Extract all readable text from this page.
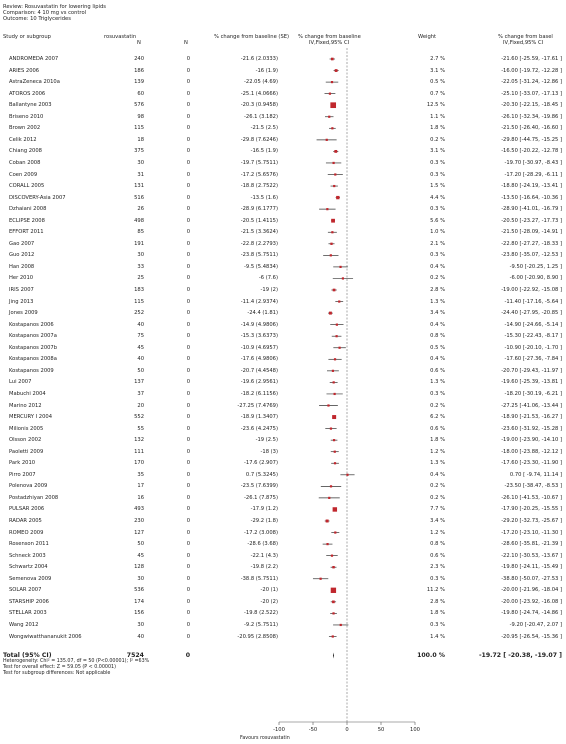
Review: Rosuvastatin for lowering lipids
Comparison: 4 10 mg vs control
Outcome: 10 Triglycerides
Study or subgroup	rosuvastatin
N	N
% change from baseline (SE) % change from baseline
IV,Fixed,95% CI
Weight	% change from basel
IV,Fixed,95% CI
ANDROMEDA 2007	240	0	-21.6 (2.0333)	2.7 %	-21.60 [-25.59, -17.61 ]
ARIES 2006	186	0	-16 (1.9)	3.1 %	-16.00 [-19.72, -12.28 ]
AstraZeneca 2010a	139	0	-22.05 (4.69)	0.5 %	-22.05 [-31.24, -12.86 ]
ATOROS 2006	60	0	-25.1 (4.0666)	0.7 %	-25.10 [-33.07, -17.13 ]
Ballantyne 2003	576	0	-20.3 (0.9458)	12.5 %	-20.30 [-22.15, -18.45 ]
Briseno 2010	98	0	-26.1 (3.182)	1.1 %	-26.10 [-32.34, -19.86 ]
Brown 2002	115	0	-21.5 (2.5)	1.8 %	-21.50 [-26.40, -16.60 ]
Celik 2012	18	0	-29.8 (7.6246)	0.2 %	-29.80 [-44.75, -15.25 ]
Chiang 2008	375	0	-16.5 (1.9)	3.1 %	-16.50 [-20.22, -12.78 ]
Coban 2008	30	0	-19.7 (5.7511)	0.3 %	-19.70 [-30.97, -8.43 ]
Coen 2009	31	0	-17.2 (5.6576)	0.3 %	-17.20 [-28.29, -6.11 ]
CORALL 2005	131	0	-18.8 (2.7522)	1.5 %	-18.80 [-24.19, -13.41 ]
DISCOVERY-Asia 2007	516	0	-13.5 (1.6)	4.4 %	-13.50 [-16.64, -10.36 ]
Dzhaiani 2008	26	0	-28.9 (6.1777)	0.3 %	-28.90 [-41.01, -16.79 ]
ECLIPSE 2008	498	0	-20.5 (1.4115)	5.6 %	-20.50 [-23.27, -17.73 ]
EFFORT 2011	85	0	-21.5 (3.3624)	1.0 %	-21.50 [-28.09, -14.91 ]
Gao 2007	191	0	-22.8 (2.2793)	2.1 %	-22.80 [-27.27, -18.33 ]
Guo 2012	30	0	-23.8 (5.7511)	0.3 %	-23.80 [-35.07, -12.53 ]
Han 2008	33	0	-9.5 (5.4834)	0.4 %	-9.50 [-20.25, 1.25 ]
Her 2010	25	0	-6 (7.6)	0.2 %	-6.00 [-20.90, 8.90 ]
IRIS 2007	183	0	-19 (2)	2.8 %	-19.00 [-22.92, -15.08 ]
Jing 2013	115	0	-11.4 (2.9374)	1.3 %	-11.40 [-17.16, -5.64 ]
Jones 2009	252	0	-24.4 (1.81)	3.4 %	-24.40 [-27.95, -20.85 ]
Kostapanos 2006	40	0	-14.9 (4.9806)	0.4 %	-14.90 [-24.66, -5.14 ]
Kostapanos 2007a	75	0	-15.3 (3.6373)	0.8 %	-15.30 [-22.43, -8.17 ]
Kostapanos 2007b	45	0	-10.9 (4.6957)	0.5 %	-10.90 [-20.10, -1.70 ]
Kostapanos 2008a	40	0	-17.6 (4.9806)	0.4 %	-17.60 [-27.36, -7.84 ]
Kostapanos 2009	50	0	-20.7 (4.4548)	0.6 %	-20.70 [-29.43, -11.97 ]
Lui 2007	137	0	-19.6 (2.9561)	1.3 %	-19.60 [-25.39, -13.81 ]
Mabuchi 2004	37	0	-18.2 (6.1156)	0.3 %	-18.20 [-30.19, -6.21 ]
Marino 2012	20	0	-27.25 (7.4769)	0.2 %	-27.25 [-41.06, -13.44 ]
MERCURY I 2004	552	0	-18.9 (1.3407)	6.2 %	-18.90 [-21.53, -16.27 ]
Milionis 2005	55	0	-23.6 (4.2475)	0.6 %	-23.60 [-31.92, -15.28 ]
Olsson 2002	132	0	-19 (2.5)	1.8 %	-19.00 [-23.90, -14.10 ]
Paoletti 2009	111	0	-18 (3)	1.2 %	-18.00 [-23.88, -12.12 ]
Park 2010	170	0	-17.6 (2.907)	1.3 %	-17.60 [-23.30, -11.90 ]
Pirro 2007	35	0	0.7 (5.3245)	0.4 %	0.70 [ -9.74, 11.14 ]
Polenova 2009	17	0	-23.5 (7.6399)	0.2 %	-23.50 [-38.47, -8.53 ]
Postadzhiyan 2008	16	0	-26.1 (7.875)	0.2 %	-26.10 [-41.53, -10.67 ]
PULSAR 2006	493	0	-17.9 (1.2)	7.7 %	-17.90 [-20.25, -15.55 ]
RADAR 2005	230	0	-29.2 (1.8)	3.4 %	-29.20 [-32.73, -25.67 ]
ROMEO 2009	127	0	-17.2 (3.008)	1.2 %	-17.20 [-23.10, -11.30 ]
Rosenson 2011	50	0	-28.6 (3.68)	0.8 %	-28.60 [-35.81, -21.39 ]
Schneck 2003	45	0	-22.1 (4.3)	0.6 %	-22.10 [-30.53, -13.67 ]
Schwartz 2004	128	0	-19.8 (2.2)	2.3 %	-19.80 [-24.11, -15.49 ]
Semenova 2009	30	0	-38.8 (5.7511)	0.3 %	-38.80 [-50.07, -27.53 ]
SOLAR 2007	536	0	-20 (1)	11.2 %	-20.00 [-21.96, -18.04 ]
STARSHIP 2006	174	0	-20 (2)	2.8 %	-20.00 [-23.92, -16.08 ]
STELLAR 2003	156	0	-19.8 (2.522)	1.8 %	-19.80 [-24.74, -14.86 ]
Wang 2012	30	0	-9.2 (5.7511)	0.3 %	-9.20 [-20.47, 2.07 ]
Wongwiwatthananukit 2006	40	0	-20.95 (2.8508)	1.4 %	-20.95 [-26.54, -15.36 ]
-100	-50	0	50	100
Total (95% CI)	7524	0	100.0 %	-19.72 [ -20.38, -19.07 ]
Heterogeneity: Chi² = 135.07, df = 50 (P<0.00001); I² =63%
Test for overall effect: Z = 59.05 (P < 0.00001)
Test for subgroup differences: Not applicable
Favours rosuvastatin
